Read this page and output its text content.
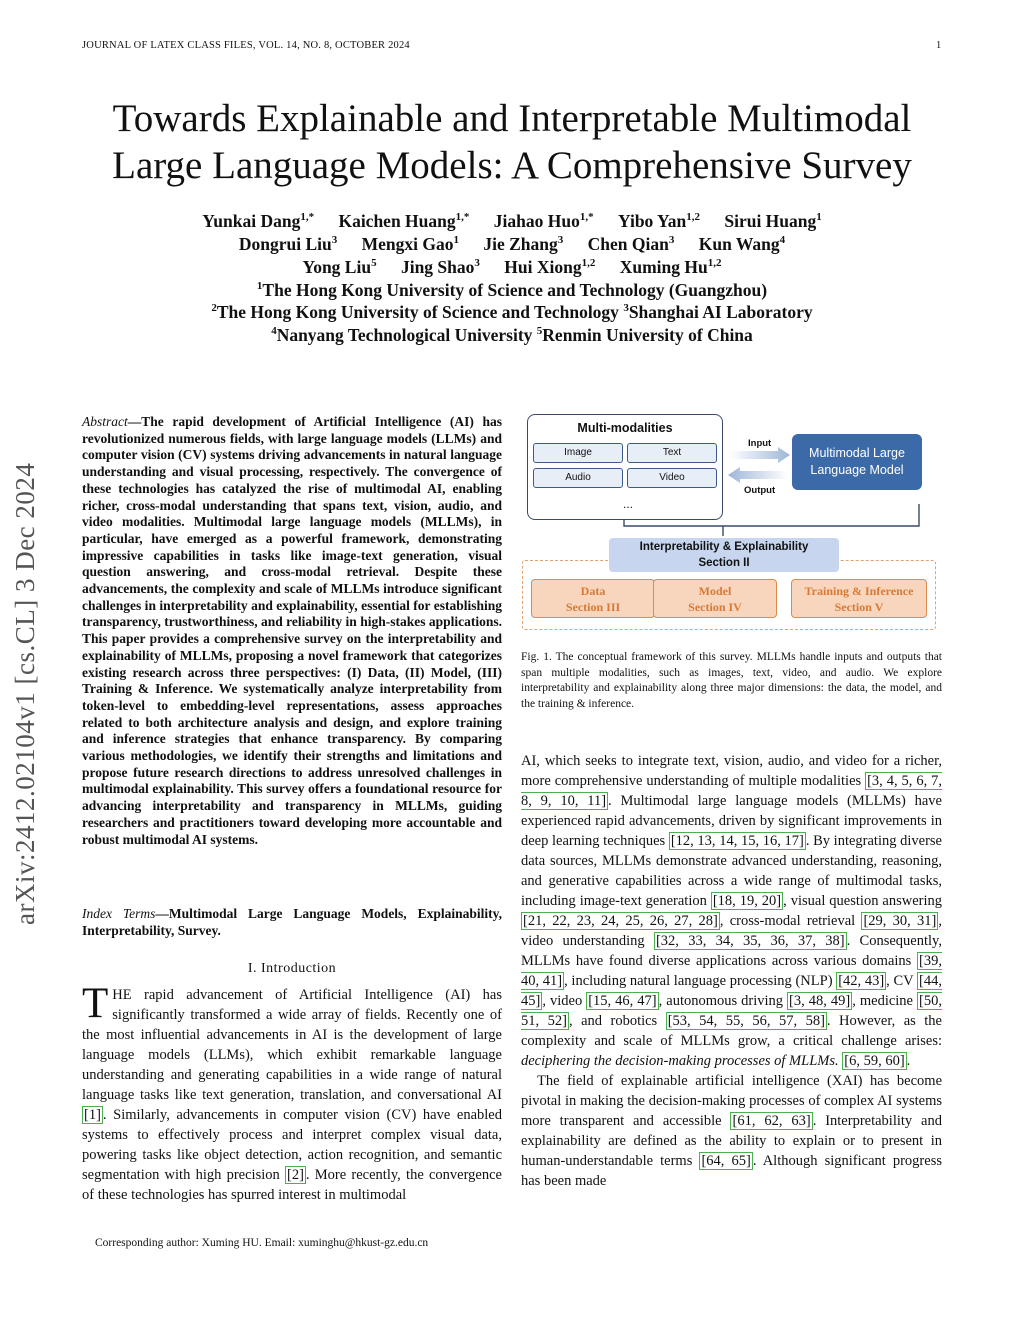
JOURNAL OF LATEX CLASS FILES, VOL. 14, NO. 8, OCTOBER 2024	1
Towards Explainable and Interpretable Multimodal
Large Language Models: A Comprehensive Survey
Yunkai Dang$^{1,*}$ Kaichen Huang$^{1,*}$ Jiahao Huo$^{1,*}$ Yibo Yan$^{1,2}$ Sirui Huang$^1$
Dongrui Liu$^3$ Mengxi Gao$^1$ Jie Zhang$^3$ Chen Qian$^3$ Kun Wang$^4$
Yong Liu$^5$ Jing Shao$^3$ Hui Xiong$^{1,2}$ Xuming Hu$^{1,2}$
$^1$The Hong Kong University of Science and Technology (Guangzhou)
$^2$The Hong Kong University of Science and Technology $^3$Shanghai AI Laboratory
$^4$Nanyang Technological University $^5$Renmin University of China
arXiv:2412.02104v1 [cs.CL] 3 Dec 2024
Abstract—The rapid development of Artificial Intelligence (AI) has revolutionized numerous fields, with large language models (LLMs) and computer vision (CV) systems driving advancements in natural language understanding and visual processing, respectively. The convergence of these technologies has catalyzed the rise of multimodal AI, enabling richer, cross-modal understanding that spans text, vision, audio, and video modalities. Multimodal large language models (MLLMs), in particular, have emerged as a powerful framework, demonstrating impressive capabilities in tasks like image-text generation, visual question answering, and cross-modal retrieval. Despite these advancements, the complexity and scale of MLLMs introduce significant challenges in interpretability and explainability, essential for establishing transparency, trustworthiness, and reliability in high-stakes applications. This paper provides a comprehensive survey on the interpretability and explainability of MLLMs, proposing a novel framework that categorizes existing research across three perspectives: (I) Data, (II) Model, (III) Training & Inference. We systematically analyze interpretability from token-level to embedding-level representations, assess approaches related to both architecture analysis and design, and explore training and inference strategies that enhance transparency. By comparing various methodologies, we identify their strengths and limitations and propose future research directions to address unresolved challenges in multimodal explainability. This survey offers a foundational resource for advancing interpretability and transparency in MLLMs, guiding researchers and practitioners toward developing more accountable and robust multimodal AI systems.
Index Terms—Multimodal Large Language Models, Explainability, Interpretability, Survey.
I. Introduction
THE rapid advancement of Artificial Intelligence (AI) has significantly transformed a wide array of fields. Recently one of the most influential advancements in AI is the development of large language models (LLMs), which exhibit remarkable language understanding and generating capabilities in a wide range of natural language tasks like text generation, translation, and conversational AI [1] . Similarly, advancements in computer vision (CV) have enabled systems to effectively process and interpret complex visual data, powering tasks like object detection, action recognition, and semantic segmentation with high precision [2] . More recently, the convergence of these technologies has spurred interest in multimodal
Corresponding author: Xuming HU. Email: xuminghu@hkust-gz.edu.cn
Multi-modalities
Image	Text
Audio	Video
...
Input
Output
Multimodal Large
Language Model
Interpretability & Explainability
Section II
Data
Section III
Model
Section IV
Training & Inference
Section V
Fig. 1. The conceptual framework of this survey. MLLMs handle inputs and outputs that span multiple modalities, such as images, text, video, and audio. We explore interpretability and explainability along three major dimensions: the data, the model, and the training & inference.

AI, which seeks to integrate text, vision, audio, and video for a richer, more comprehensive understanding of multiple modalities [3, 4, 5, 6, 7, 8, 9, 10, 11] . Multimodal large language models (MLLMs) have experienced rapid advancements, driven by significant improvements in deep learning techniques [12, 13, 14, 15, 16, 17] . By integrating diverse data sources, MLLMs demonstrate advanced understanding, reasoning, and generative capabilities across a wide range of multimodal tasks, including image-text generation [18, 19, 20] , visual question answering [21, 22, 23, 24, 25, 26, 27, 28] , cross-modal retrieval [29, 30, 31] , video understanding [32, 33, 34, 35, 36, 37, 38] . Consequently, MLLMs have found diverse applications across various domains [39, 40, 41] , including natural language processing (NLP) [42, 43] , CV [44, 45] , video [15, 46, 47] , autonomous driving [3, 48, 49] , medicine [50, 51, 52] , and robotics [53, 54, 55, 56, 57, 58] . However, as the complexity and scale of MLLMs grow, a critical challenge arises: deciphering the decision-making processes of MLLMs. [6, 59, 60] .

The field of explainable artificial intelligence (XAI) has become pivotal in making the decision-making processes of complex AI systems more transparent and accessible [61, 62, 63] . Interpretability and explainability are defined as the ability to explain or to present in human-understandable terms [64, 65] . Although significant progress has been made
